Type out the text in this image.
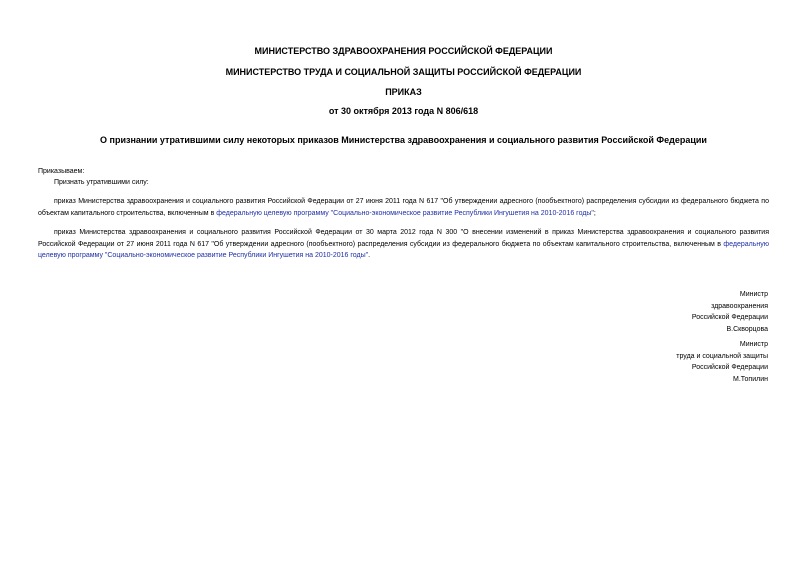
МИНИСТЕРСТВО ЗДРАВООХРАНЕНИЯ РОССИЙСКОЙ ФЕДЕРАЦИИ
МИНИСТЕРСТВО ТРУДА И СОЦИАЛЬНОЙ ЗАЩИТЫ РОССИЙСКОЙ ФЕДЕРАЦИИ
ПРИКАЗ
от 30 октября 2013 года N 806/618
О признании утратившими силу некоторых приказов Министерства здравоохранения и социального развития Российской Федерации
Приказываем:
Признать утратившими силу:
приказ Министерства здравоохранения и социального развития Российской Федерации от 27 июня 2011 года N 617 "Об утверждении адресного (пообъектного) распределения субсидии из федерального бюджета по объектам капитального строительства, включенным в федеральную целевую программу "Социально-экономическое развитие Республики Ингушетия на 2010-2016 годы";
приказ Министерства здравоохранения и социального развития Российской Федерации от 30 марта 2012 года N 300 "О внесении изменений в приказ Министерства здравоохранения и социального развития Российской Федерации от 27 июня 2011 года N 617 "Об утверждении адресного (пообъектного) распределения субсидии из федерального бюджета по объектам капитального строительства, включенным в федеральную целевую программу "Социально-экономическое развитие Республики Ингушетия на 2010-2016 годы".
Министр
здравоохранения
Российской Федерации
В.Скворцова
Министр
труда и социальной защиты
Российской Федерации
М.Топилин
